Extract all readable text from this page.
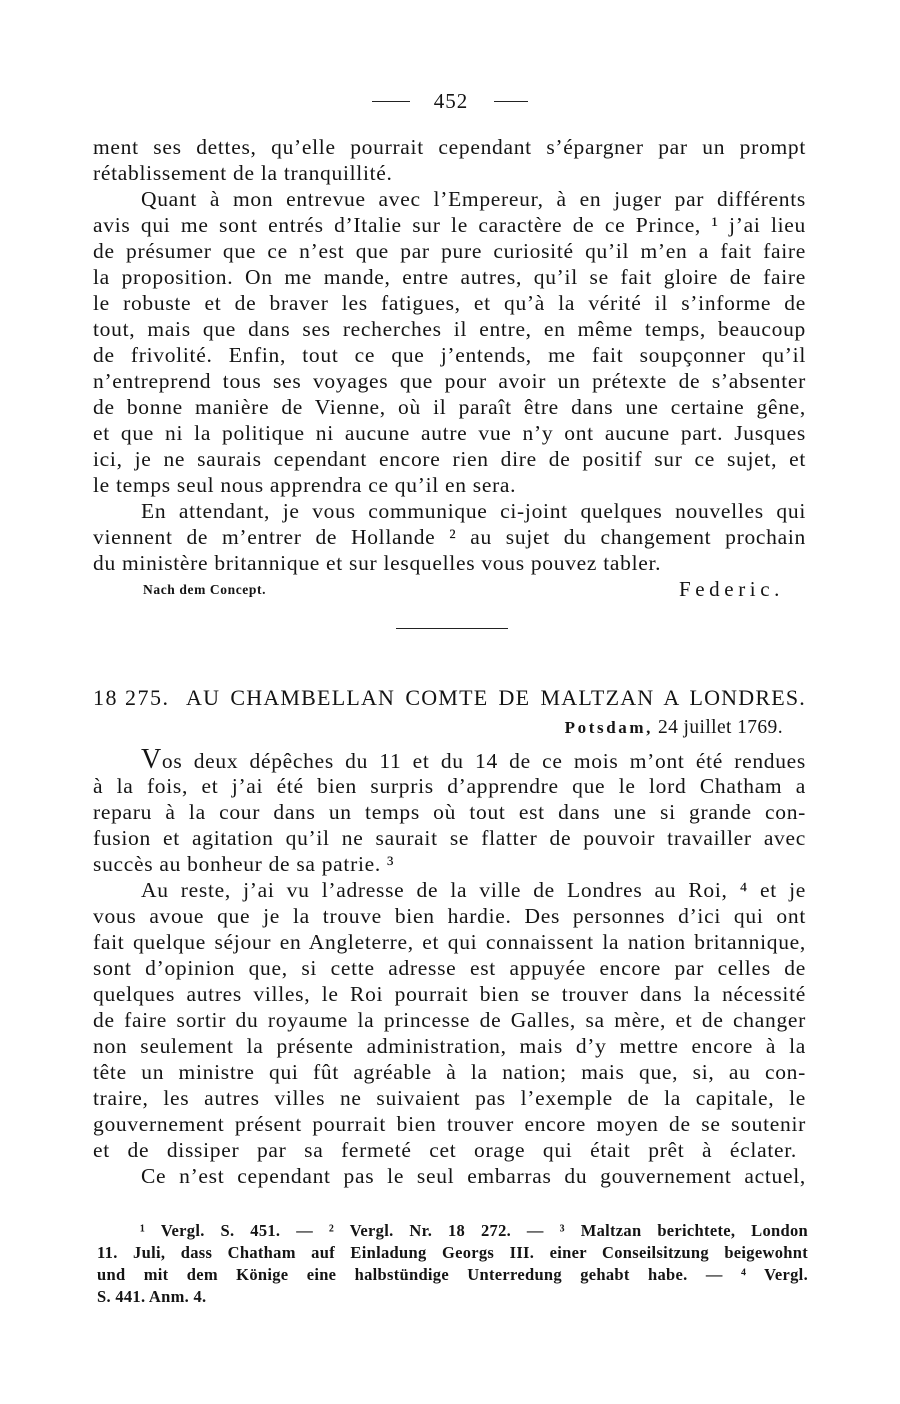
452
ment ses dettes, qu’elle pourrait cependant s’épargner par un prompt
rétablissement de la tranquillité.
Quant à mon entrevue avec l’Empereur, à en juger par différents
avis qui me sont entrés d’Italie sur le caractère de ce Prince, ¹ j’ai lieu
de présumer que ce n’est que par pure curiosité qu’il m’en a fait faire
la proposition. On me mande, entre autres, qu’il se fait gloire de faire
le robuste et de braver les fatigues, et qu’à la vérité il s’informe de
tout, mais que dans ses recherches il entre, en même temps, beaucoup
de frivolité. Enfin, tout ce que j’entends, me fait soupçonner qu’il
n’entreprend tous ses voyages que pour avoir un prétexte de s’absenter
de bonne manière de Vienne, où il paraît être dans une certaine gêne,
et que ni la politique ni aucune autre vue n’y ont aucune part. Jusques
ici, je ne saurais cependant encore rien dire de positif sur ce sujet, et
le temps seul nous apprendra ce qu’il en sera.
En attendant, je vous communique ci-joint quelques nouvelles qui
viennent de m’entrer de Hollande ² au sujet du changement prochain
du ministère britannique et sur lesquelles vous pouvez tabler.
Nach dem Concept.	Federic.
18 275. AU CHAMBELLAN COMTE DE MALTZAN A LONDRES.
Potsdam, 24 juillet 1769.
Vos deux dépêches du 11 et du 14 de ce mois m’ont été rendues
à la fois, et j’ai été bien surpris d’apprendre que le lord Chatham a
reparu à la cour dans un temps où tout est dans une si grande con-
fusion et agitation qu’il ne saurait se flatter de pouvoir travailler avec
succès au bonheur de sa patrie. ³
Au reste, j’ai vu l’adresse de la ville de Londres au Roi, ⁴ et je
vous avoue que je la trouve bien hardie. Des personnes d’ici qui ont
fait quelque séjour en Angleterre, et qui connaissent la nation britannique,
sont d’opinion que, si cette adresse est appuyée encore par celles de
quelques autres villes, le Roi pourrait bien se trouver dans la nécessité
de faire sortir du royaume la princesse de Galles, sa mère, et de changer
non seulement la présente administration, mais d’y mettre encore à la
tête un ministre qui fût agréable à la nation; mais que, si, au con-
traire, les autres villes ne suivaient pas l’exemple de la capitale, le
gouvernement présent pourrait bien trouver encore moyen de se soutenir
et de dissiper par sa fermeté cet orage qui était prêt à éclater.
Ce n’est cependant pas le seul embarras du gouvernement actuel,
¹ Vergl. S. 451. — ² Vergl. Nr. 18 272. — ³ Maltzan berichtete, London
11. Juli, dass Chatham auf Einladung Georgs III. einer Conseilsitzung beigewohnt
und mit dem Könige eine halbstündige Unterredung gehabt habe. — ⁴ Vergl.
S. 441. Anm. 4.
